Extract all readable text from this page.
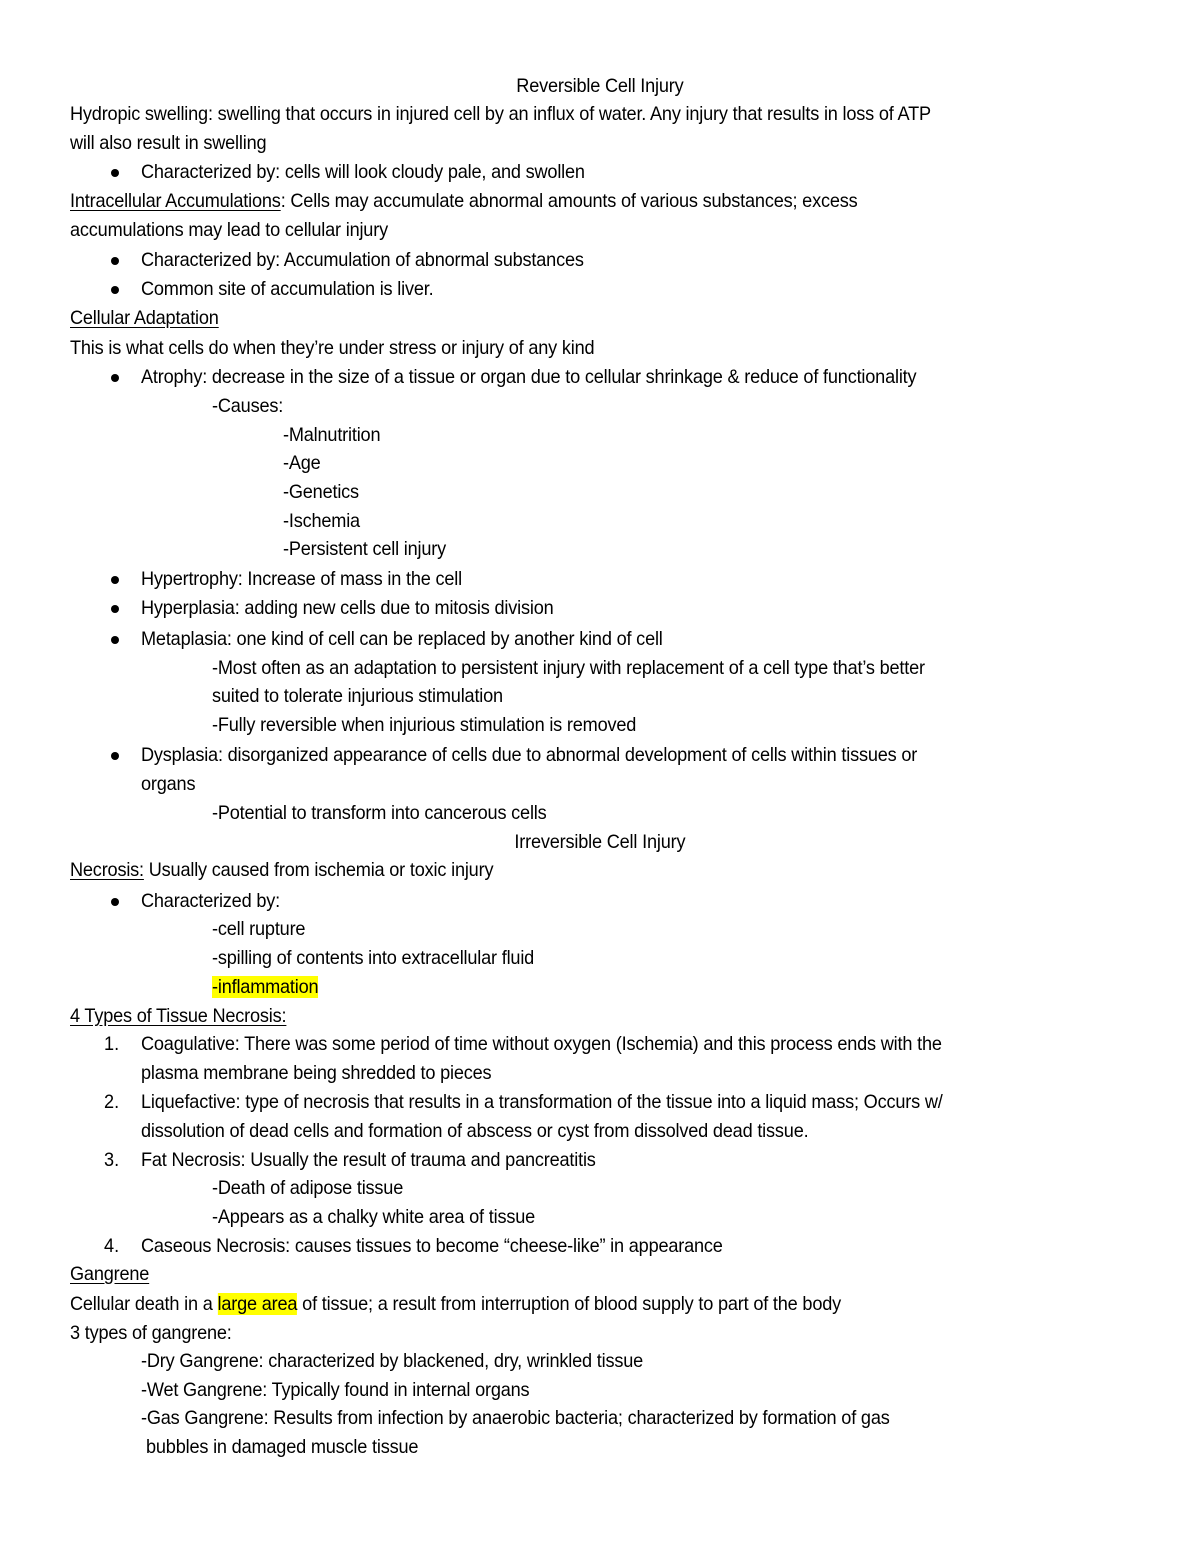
Reversible Cell Injury
Hydropic swelling: swelling that occurs in injured cell by an influx of water. Any injury that results in loss of ATP
will also result in swelling
Characterized by: cells will look cloudy pale, and swollen
Intracellular Accumulations: Cells may accumulate abnormal amounts of various substances; excess
accumulations may lead to cellular injury
Characterized by: Accumulation of abnormal substances
Common site of accumulation is liver.
Cellular Adaptation
This is what cells do when they’re under stress or injury of any kind
Atrophy: decrease in the size of a tissue or organ due to cellular shrinkage & reduce of functionality
-Causes:
-Malnutrition
-Age
-Genetics
-Ischemia
-Persistent cell injury
Hypertrophy: Increase of mass in the cell
Hyperplasia: adding new cells due to mitosis division
Metaplasia: one kind of cell can be replaced by another kind of cell
-Most often as an adaptation to persistent injury with replacement of a cell type that’s better
suited to tolerate injurious stimulation
-Fully reversible when injurious stimulation is removed
Dysplasia: disorganized appearance of cells due to abnormal development of cells within tissues or
organs
-Potential to transform into cancerous cells
Irreversible Cell Injury
Necrosis: Usually caused from ischemia or toxic injury
Characterized by:
-cell rupture
-spilling of contents into extracellular fluid
-inflammation
4 Types of Tissue Necrosis:
1. Coagulative: There was some period of time without oxygen (Ischemia) and this process ends with the
plasma membrane being shredded to pieces
2. Liquefactive: type of necrosis that results in a transformation of the tissue into a liquid mass; Occurs w/
dissolution of dead cells and formation of abscess or cyst from dissolved dead tissue.
3. Fat Necrosis: Usually the result of trauma and pancreatitis
-Death of adipose tissue
-Appears as a chalky white area of tissue
4. Caseous Necrosis: causes tissues to become “cheese-like” in appearance
Gangrene
Cellular death in a large area of tissue; a result from interruption of blood supply to part of the body
3 types of gangrene:
-Dry Gangrene: characterized by blackened, dry, wrinkled tissue
-Wet Gangrene: Typically found in internal organs
-Gas Gangrene: Results from infection by anaerobic bacteria; characterized by formation of gas
bubbles in damaged muscle tissue
